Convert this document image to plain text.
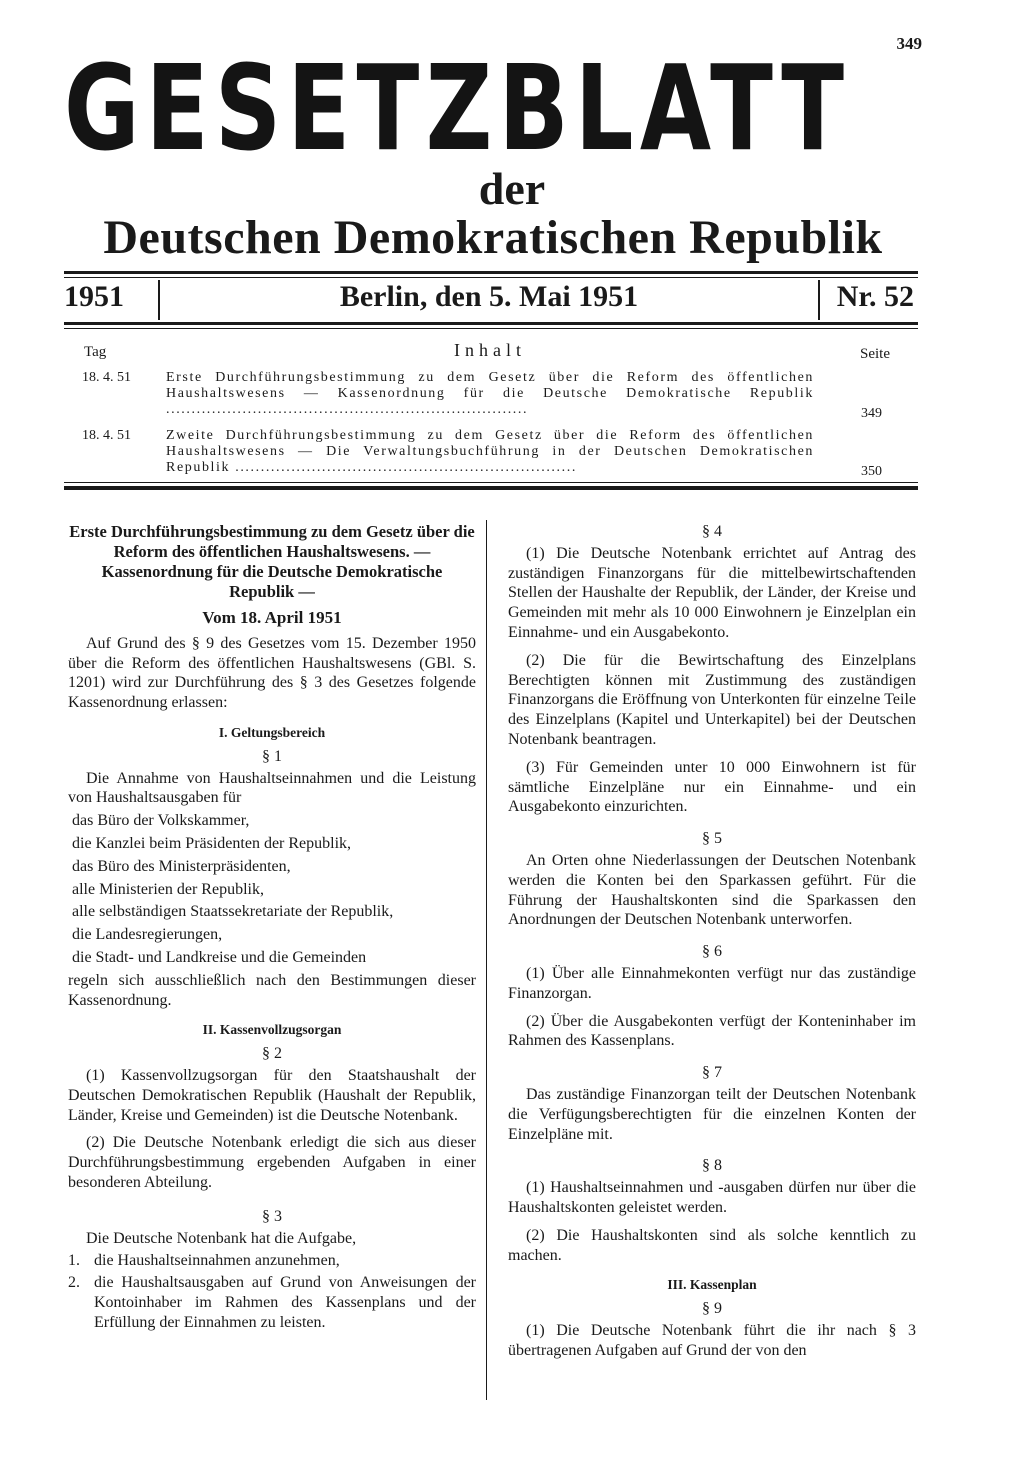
349
GESETZBLATT
der
Deutschen Demokratischen Republik
1951	Berlin, den 5. Mai 1951	Nr. 52
Tag	Inhalt	Seite
18. 4. 51	Erste Durchführungsbestimmung zu dem Gesetz über die Reform des öffentlichen Haushaltswesens — Kassenordnung für die Deutsche Demokratische Republik .......................................................................	349
18. 4. 51	Zweite Durchführungsbestimmung zu dem Gesetz über die Reform des öffentlichen Haushaltswesens — Die Verwaltungsbuchführung in der Deutschen Demokratischen Republik ...................................................................	350
Erste Durchführungsbestimmung zu dem Gesetz über die Reform des öffentlichen Haushaltswesens. — Kassenordnung für die Deutsche Demokratische Republik —
Vom 18. April 1951

Auf Grund des § 9 des Gesetzes vom 15. Dezember 1950 über die Reform des öffentlichen Haushaltswesens (GBl. S. 1201) wird zur Durchführung des § 3 des Gesetzes folgende Kassenordnung erlassen:

I. Geltungsbereich
§ 1

Die Annahme von Haushaltseinnahmen und die Leistung von Haushaltsausgaben für

das Büro der Volkskammer,
die Kanzlei beim Präsidenten der Republik,
das Büro des Ministerpräsidenten,
alle Ministerien der Republik,
alle selbständigen Staatssekretariate der Republik,
die Landesregierungen,
die Stadt- und Landkreise und die Gemeinden

regeln sich ausschließlich nach den Bestimmungen dieser Kassenordnung.

II. Kassenvollzugsorgan
§ 2

(1) Kassenvollzugsorgan für den Staatshaushalt der Deutschen Demokratischen Republik (Haushalt der Republik, Länder, Kreise und Gemeinden) ist die Deutsche Notenbank.

(2) Die Deutsche Notenbank erledigt die sich aus dieser Durchführungsbestimmung ergebenden Aufgaben in einer besonderen Abteilung.

§ 3

Die Deutsche Notenbank hat die Aufgabe,

1. die Haushaltseinnahmen anzunehmen,
2. die Haushaltsausgaben auf Grund von Anweisungen der Kontoinhaber im Rahmen des Kassenplans und der Erfüllung der Einnahmen zu leisten.
§ 4

(1) Die Deutsche Notenbank errichtet auf Antrag des zuständigen Finanzorgans für die mittelbewirtschaftenden Stellen der Haushalte der Republik, der Länder, der Kreise und Gemeinden mit mehr als 10 000 Einwohnern je Einzelplan ein Einnahme- und ein Ausgabekonto.

(2) Die für die Bewirtschaftung des Einzelplans Berechtigten können mit Zustimmung des zuständigen Finanzorgans die Eröffnung von Unterkonten für einzelne Teile des Einzelplans (Kapitel und Unterkapitel) bei der Deutschen Notenbank beantragen.

(3) Für Gemeinden unter 10 000 Einwohnern ist für sämtliche Einzelpläne nur ein Einnahme- und ein Ausgabekonto einzurichten.

§ 5

An Orten ohne Niederlassungen der Deutschen Notenbank werden die Konten bei den Sparkassen geführt. Für die Führung der Haushaltskonten sind die Sparkassen den Anordnungen der Deutschen Notenbank unterworfen.

§ 6

(1) Über alle Einnahmekonten verfügt nur das zuständige Finanzorgan.

(2) Über die Ausgabekonten verfügt der Konteninhaber im Rahmen des Kassenplans.

§ 7

Das zuständige Finanzorgan teilt der Deutschen Notenbank die Verfügungsberechtigten für die einzelnen Konten der Einzelpläne mit.

§ 8

(1) Haushaltseinnahmen und -ausgaben dürfen nur über die Haushaltskonten geleistet werden.

(2) Die Haushaltskonten sind als solche kenntlich zu machen.

III. Kassenplan
§ 9

(1) Die Deutsche Notenbank führt die ihr nach § 3 übertragenen Aufgaben auf Grund der von den
